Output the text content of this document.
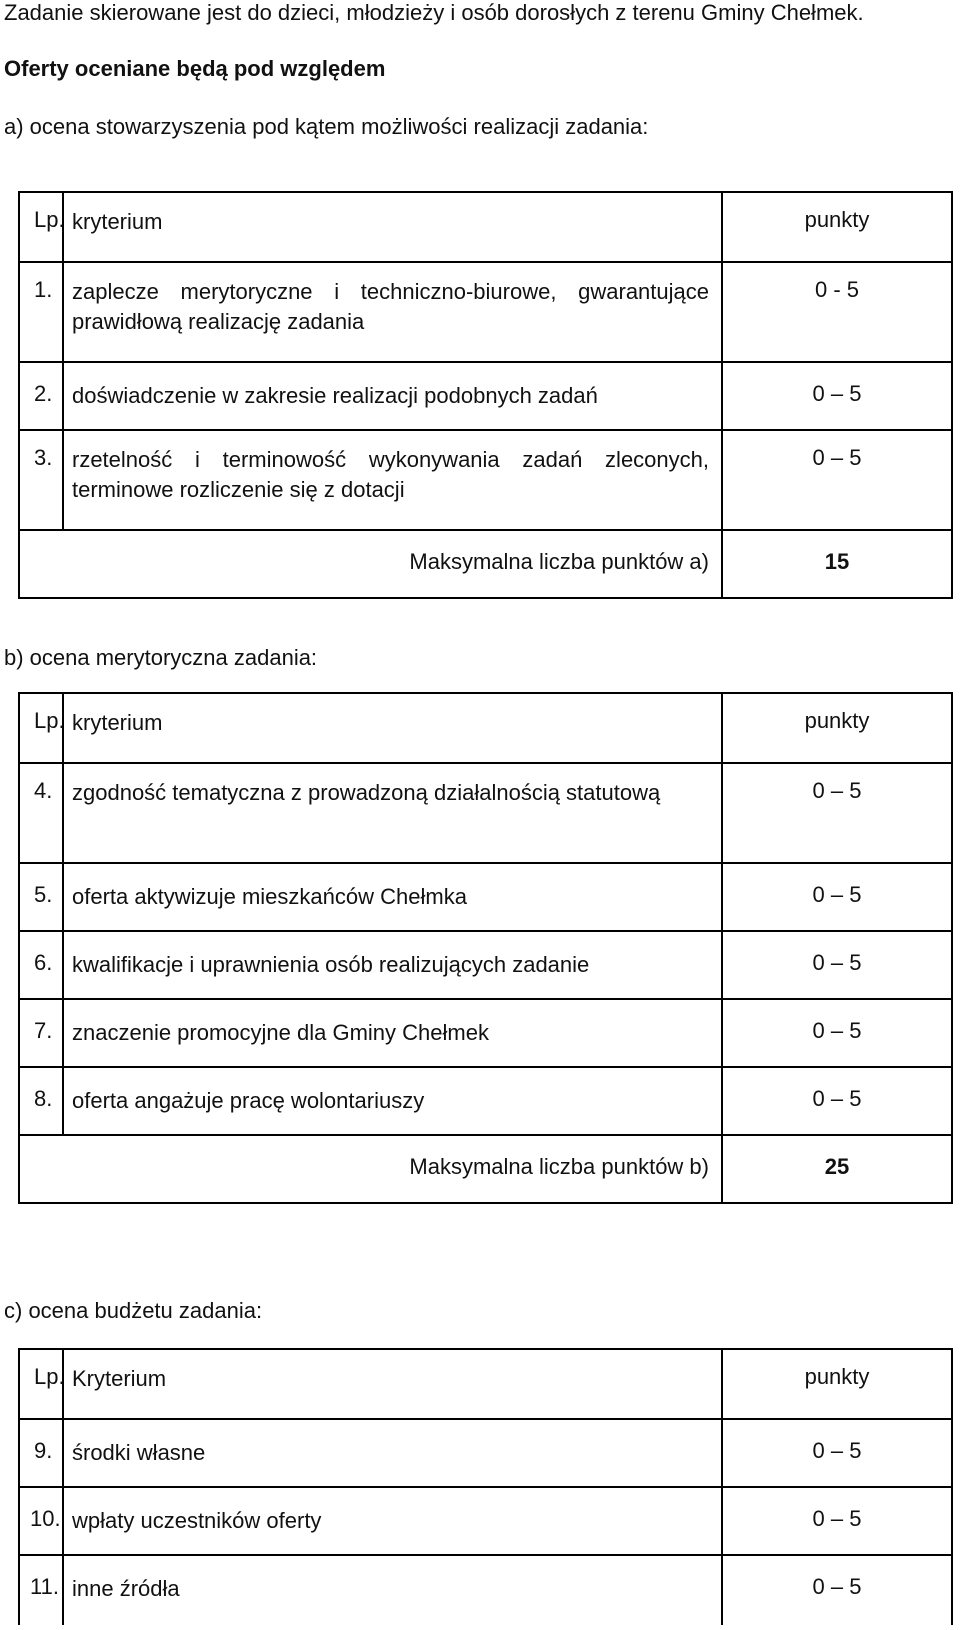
Zadanie skierowane jest do dzieci, młodzieży i osób dorosłych z terenu Gminy Chełmek.
Oferty oceniane będą pod względem
a) ocena stowarzyszenia pod kątem możliwości realizacji zadania:
Lp.	kryterium	punkty
1.	zaplecze merytoryczne i techniczno-biurowe, gwarantujące prawidłową realizację zadania	0 - 5
2.	doświadczenie w zakresie realizacji podobnych zadań	0 – 5
3.	rzetelność i terminowość wykonywania zadań zleconych, terminowe rozliczenie się z dotacji	0 – 5
Maksymalna liczba punktów a)		15
b) ocena merytoryczna zadania:
Lp.	kryterium	punkty
4.	zgodność tematyczna z prowadzoną działalnością statutową	0 – 5
5.	oferta aktywizuje mieszkańców Chełmka	0 – 5
6.	kwalifikacje i uprawnienia osób realizujących zadanie	0 – 5
7.	znaczenie promocyjne dla Gminy Chełmek	0 – 5
8.	oferta angażuje pracę wolontariuszy	0 – 5
Maksymalna liczba punktów b)		25
c) ocena budżetu zadania:
Lp.	Kryterium	punkty
9.	środki własne	0 – 5
10.	wpłaty uczestników oferty	0 – 5
11.	inne źródła	0 – 5
